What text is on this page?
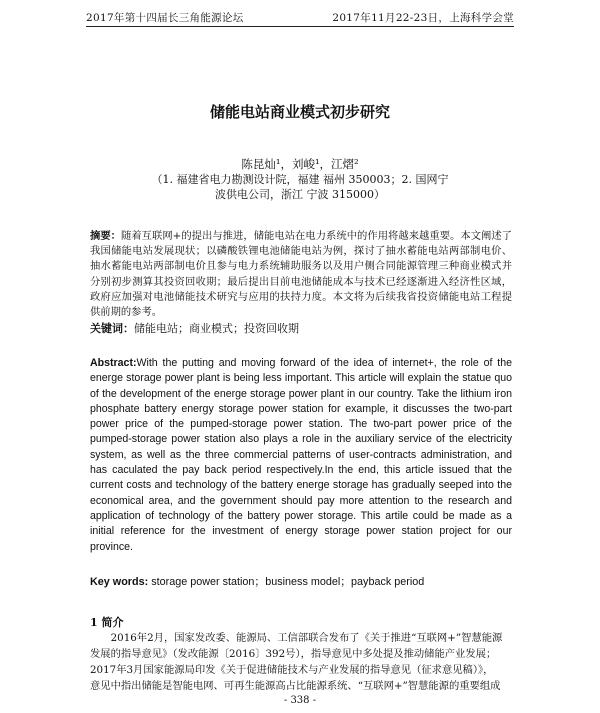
2017年第十四届长三角能源论坛	2017年11月22-23日，上海科学会堂
储能电站商业模式初步研究
陈昆灿¹，刘峻¹，江熠²
（1. 福建省电力勘测设计院，福建 福州 350003；2. 国网宁波供电公司，浙江 宁波 315000）
摘要：随着互联网+的提出与推进，储能电站在电力系统中的作用将越来越重要。本文阐述了我国储能电站发展现状；以磷酸铁锂电池储能电站为例，探讨了抽水蓄能电站两部制电价、抽水蓄能电站两部制电价且参与电力系统辅助服务以及用户侧合同能源管理三种商业模式并分别初步测算其投资回收期；最后提出目前电池储能成本与技术已经逐渐进入经济性区域，政府应加强对电池储能技术研究与应用的扶持力度。本文将为后续我省投资储能电站工程提供前期的参考。
关键词：储能电站；商业模式；投资回收期
Abstract:With the putting and moving forward of the idea of internet+, the role of the energe storage power plant is being less important. This article will explain the statue quo of the development of the energe storage power plant in our country. Take the lithium iron phosphate battery energy storage power station for example, it discusses the two-part power price of the pumped-storage power station. The two-part power price of the pumped-storage power station also plays a role in the auxiliary service of the electricity system, as well as the three commercial patterns of user-contracts administration, and has caculated the pay back period respectively.In the end, this article issued that the current costs and technology of the battery energe storage has gradually seeped into the economical area, and the government should pay more attention to the research and application of technology of the battery power storage. This artile could be made as a initial reference for the investment of energy storage power station project for our province.
Key words: storage power station；business model；payback period
1 简介

2016年2月，国家发改委、能源局、工信部联合发布了《关于推进“互联网+”智慧能源发展的指导意见》（发改能源〔2016〕392号），指导意见中多处提及推动储能产业发展；2017年3月国家能源局印发《关于促进储能技术与产业发展的指导意见（征求意见稿）》，

意见中指出储能是智能电网、可再生能源高占比能源系统、“互联网+”智慧能源的重要组成

- 338 -
